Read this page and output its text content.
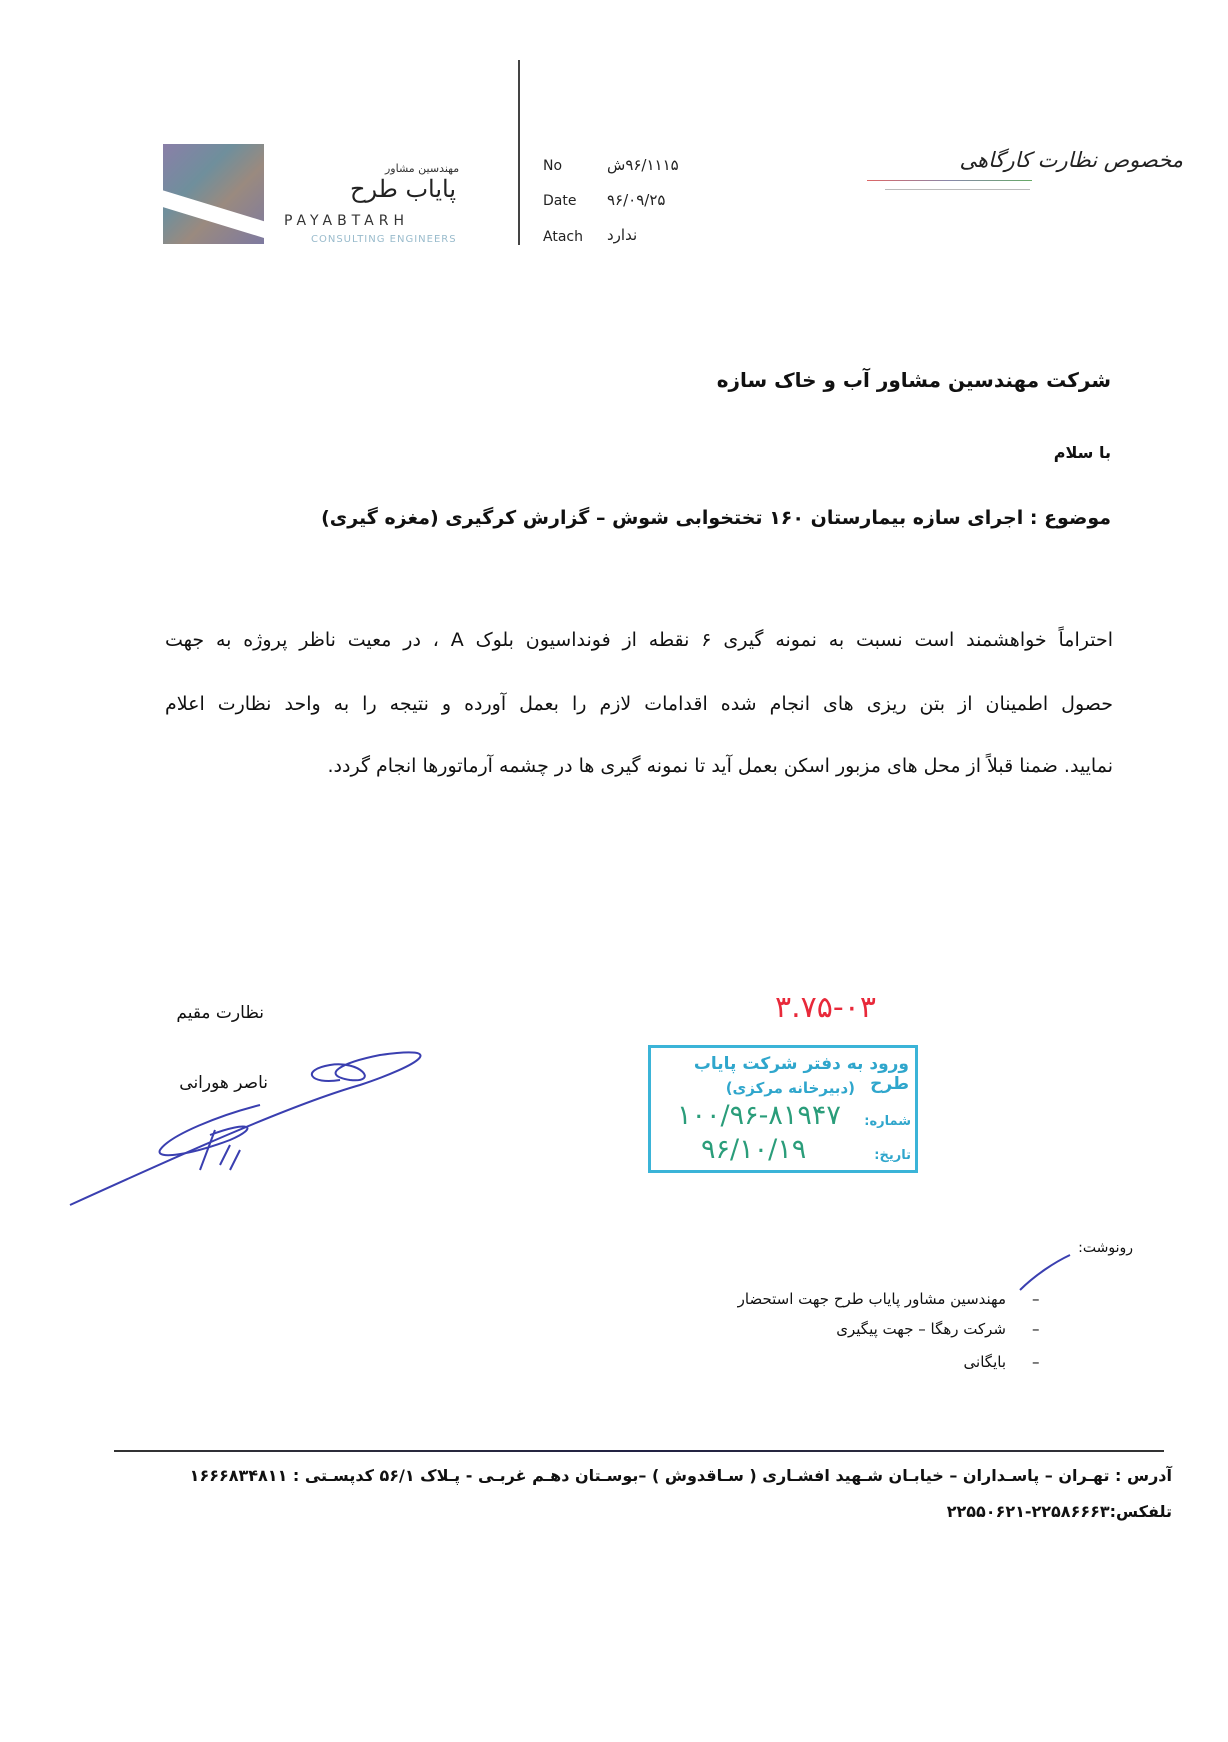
مهندسین مشاور
پاياب طرح
PAYABTARH
CONSULTING ENGINEERS
No	۹۶/۱۱۱۵ش
Date ۹۶/۰۹/۲۵
Atach ندارد
مخصوص نظارت کارگاهی
شرکت مهندسین مشاور آب و خاک سازه
با سلام
موضوع : اجرای سازه بیمارستان ۱۶۰ تختخوابی شوش – گزارش کرگیری (مغزه گیری)
احتراماً خواهشمند است نسبت به نمونه گیری ۶ نقطه از فونداسیون بلوک A ، در معیت ناظر پروژه به جهت
حصول اطمینان از بتن ریزی های انجام شده اقدامات لازم را بعمل آورده و نتیجه را به واحد نظارت اعلام
نمایید. ضمنا قبلاً از محل های مزبور اسکن بعمل آید تا نمونه گیری ها در چشمه آرماتورها انجام گردد.
نظارت مقیم
ناصر هورانی
۳.۷۵-۰۳
ورود به دفتر شرکت پایاب طرح
(دبیرخانه مرکزی)
شماره:
۱۰۰/۹۶-۸۱۹۴۷
تاریخ:
۹۶/۱۰/۱۹
رونوشت:
–
مهندسین مشاور پایاب طرح جهت استحضار
–
شرکت رهگا – جهت پیگیری
–
بایگانی
آدرس : تهـران – پاسـداران – خیابـان شـهید افشـاری ( سـاقدوش ) –بوسـتان دهـم غربـی - پـلاک ۵۶/۱ کدپسـتی : ۱۶۶۶۸۳۴۸۱۱
تلفکس:۲۲۵۸۶۶۶۳-۲۲۵۵۰۶۲۱
